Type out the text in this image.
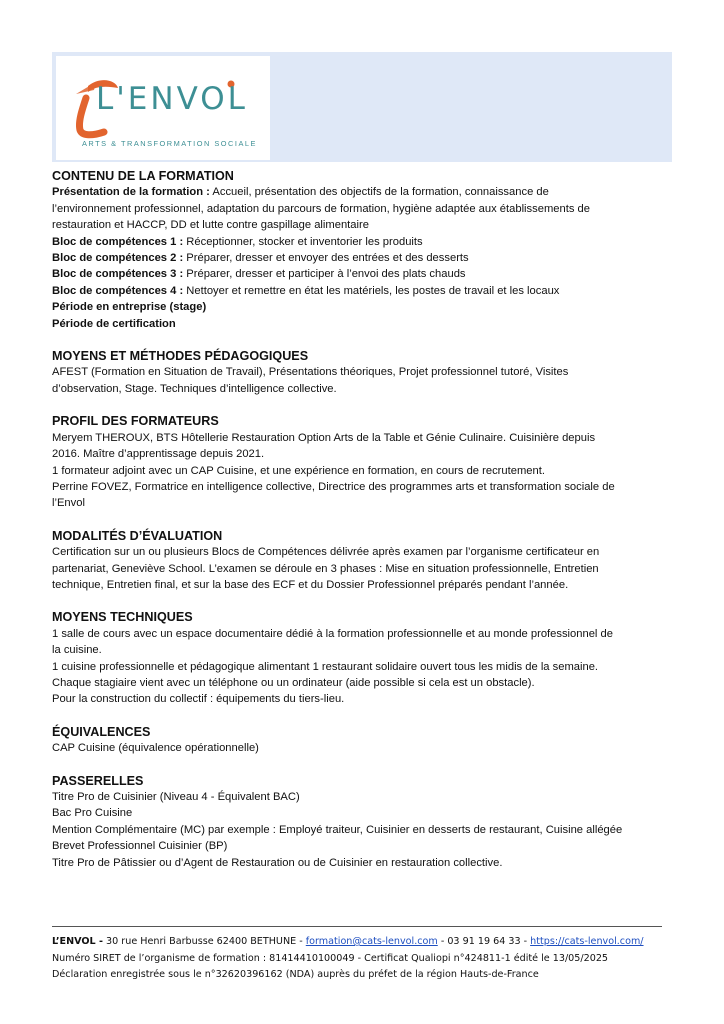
L'ENVOL
ARTS & TRANSFORMATION SOCIALE
CONTENU DE LA FORMATION
Présentation de la formation : Accueil, présentation des objectifs de la formation, connaissance de
l’environnement professionnel, adaptation du parcours de formation, hygiène adaptée aux établissements de
restauration et HACCP, DD et lutte contre gaspillage alimentaire
Bloc de compétences 1 : Réceptionner, stocker et inventorier les produits
Bloc de compétences 2 : Préparer, dresser et envoyer des entrées et des desserts
Bloc de compétences 3 : Préparer, dresser et participer à l’envoi des plats chauds
Bloc de compétences 4 : Nettoyer et remettre en état les matériels, les postes de travail et les locaux
Période en entreprise (stage)
Période de certification
MOYENS ET MÉTHODES PÉDAGOGIQUES
AFEST (Formation en Situation de Travail), Présentations théoriques, Projet professionnel tutoré, Visites
d’observation, Stage. Techniques d’intelligence collective.
PROFIL DES FORMATEURS
Meryem THEROUX, BTS Hôtellerie Restauration Option Arts de la Table et Génie Culinaire. Cuisinière depuis
2016. Maître d’apprentissage depuis 2021.
1 formateur adjoint avec un CAP Cuisine, et une expérience en formation, en cours de recrutement.
Perrine FOVEZ, Formatrice en intelligence collective, Directrice des programmes arts et transformation sociale de
l’Envol
MODALITÉS D’ÉVALUATION
Certification sur un ou plusieurs Blocs de Compétences délivrée après examen par l’organisme certificateur en
partenariat, Geneviève School. L’examen se déroule en 3 phases : Mise en situation professionnelle, Entretien
technique, Entretien final, et sur la base des ECF et du Dossier Professionnel préparés pendant l’année.
MOYENS TECHNIQUES
1 salle de cours avec un espace documentaire dédié à la formation professionnelle et au monde professionnel de
la cuisine.
1 cuisine professionnelle et pédagogique alimentant 1 restaurant solidaire ouvert tous les midis de la semaine.
Chaque stagiaire vient avec un téléphone ou un ordinateur (aide possible si cela est un obstacle).
Pour la construction du collectif : équipements du tiers-lieu.
ÉQUIVALENCES
CAP Cuisine (équivalence opérationnelle)
PASSERELLES
Titre Pro de Cuisinier (Niveau 4 - Équivalent BAC)
Bac Pro Cuisine
Mention Complémentaire (MC) par exemple : Employé traiteur, Cuisinier en desserts de restaurant, Cuisine allégée
Brevet Professionnel Cuisinier (BP)
Titre Pro de Pâtissier ou d’Agent de Restauration ou de Cuisinier en restauration collective.
L’ENVOL - 30 rue Henri Barbusse 62400 BETHUNE - formation@cats-lenvol.com - 03 91 19 64 33 - https://cats-lenvol.com/
Numéro SIRET de l’organisme de formation : 81414410100049 - Certificat Qualiopi n°424811-1 édité le 13/05/2025
Déclaration enregistrée sous le n°32620396162 (NDA) auprès du préfet de la région Hauts-de-France
